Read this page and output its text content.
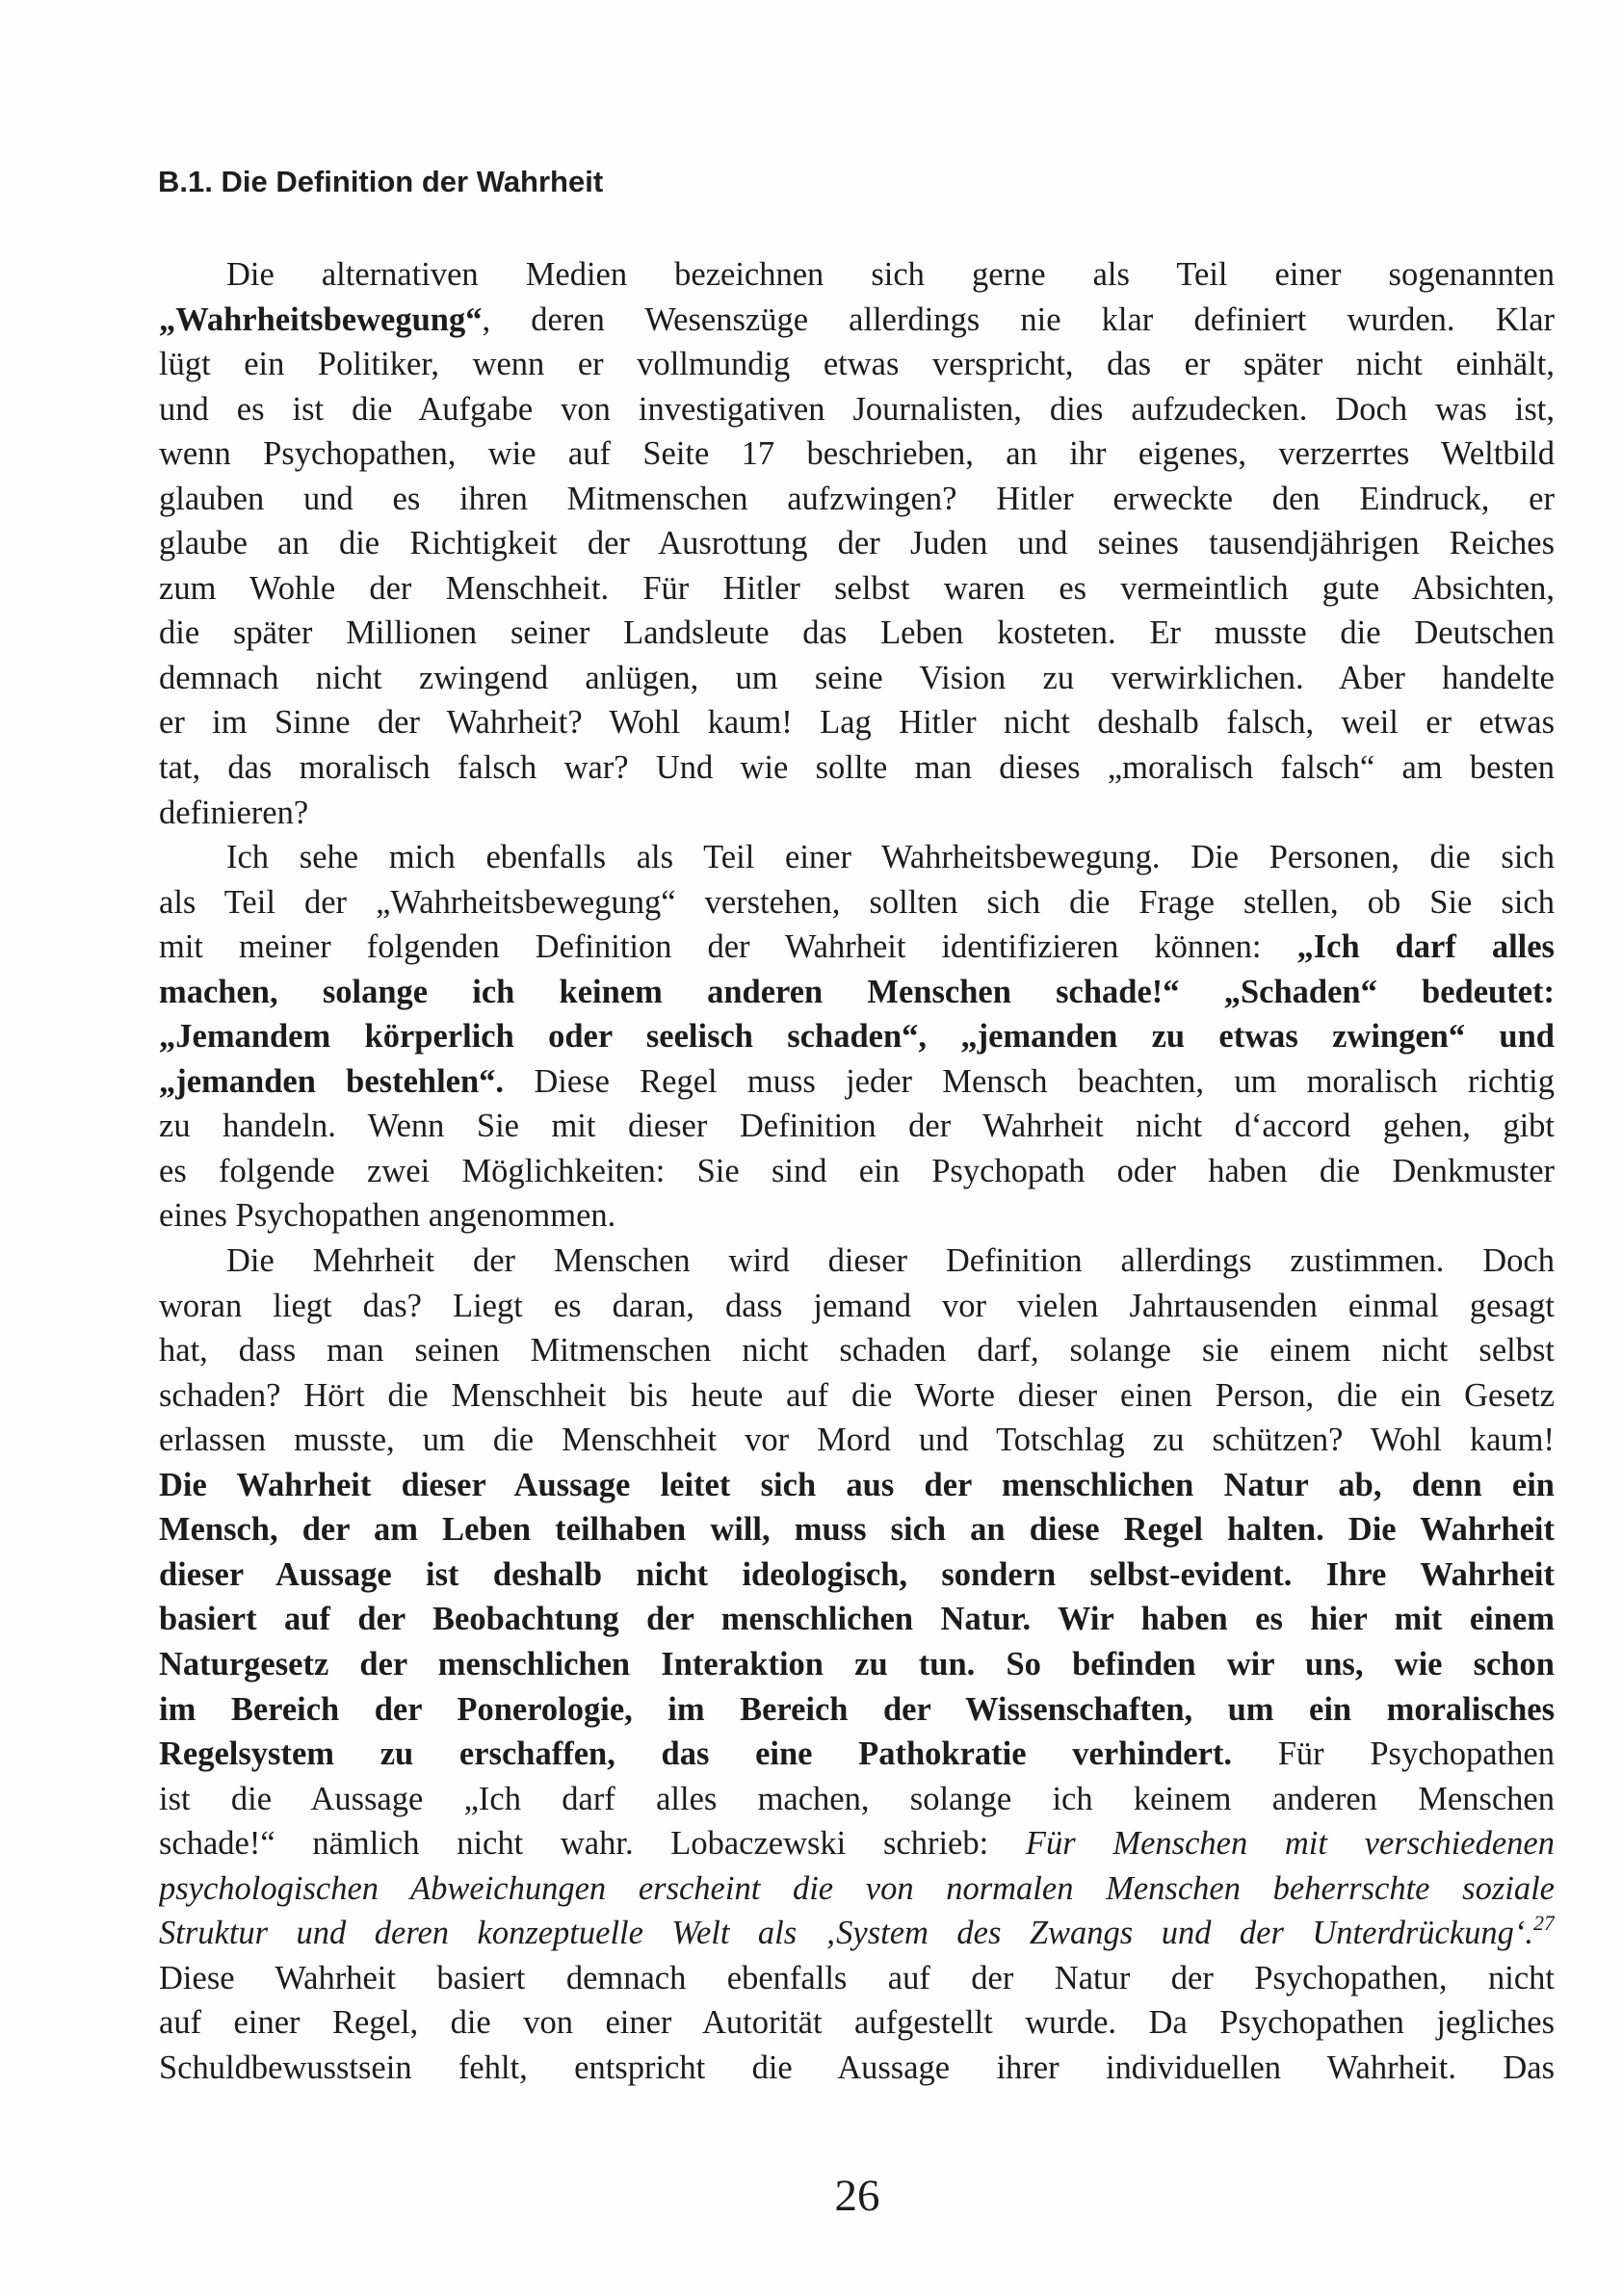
B.1. Die Definition der Wahrheit
Die alternativen Medien bezeichnen sich gerne als Teil einer sogenannten
„Wahrheitsbewegung“, deren Wesenszüge allerdings nie klar definiert wurden. Klar
lügt ein Politiker, wenn er vollmundig etwas verspricht, das er später nicht einhält,
und es ist die Aufgabe von investigativen Journalisten, dies aufzudecken. Doch was ist,
wenn Psychopathen, wie auf Seite 17 beschrieben, an ihr eigenes, verzerrtes Weltbild
glauben und es ihren Mitmenschen aufzwingen? Hitler erweckte den Eindruck, er
glaube an die Richtigkeit der Ausrottung der Juden und seines tausendjährigen Reiches
zum Wohle der Menschheit. Für Hitler selbst waren es vermeintlich gute Absichten,
die später Millionen seiner Landsleute das Leben kosteten. Er musste die Deutschen
demnach nicht zwingend anlügen, um seine Vision zu verwirklichen. Aber handelte
er im Sinne der Wahrheit? Wohl kaum! Lag Hitler nicht deshalb falsch, weil er etwas
tat, das moralisch falsch war? Und wie sollte man dieses „moralisch falsch“ am besten
definieren?
Ich sehe mich ebenfalls als Teil einer Wahrheitsbewegung. Die Personen, die sich
als Teil der „Wahrheitsbewegung“ verstehen, sollten sich die Frage stellen, ob Sie sich
mit meiner folgenden Definition der Wahrheit identifizieren können: „Ich darf alles
machen, solange ich keinem anderen Menschen schade!“ „Schaden“ bedeutet:
„Jemandem körperlich oder seelisch schaden“, „jemanden zu etwas zwingen“ und
„jemanden bestehlen“. Diese Regel muss jeder Mensch beachten, um moralisch richtig
zu handeln. Wenn Sie mit dieser Definition der Wahrheit nicht d‘accord gehen, gibt
es folgende zwei Möglichkeiten: Sie sind ein Psychopath oder haben die Denkmuster
eines Psychopathen angenommen.
Die Mehrheit der Menschen wird dieser Definition allerdings zustimmen. Doch
woran liegt das? Liegt es daran, dass jemand vor vielen Jahrtausenden einmal gesagt
hat, dass man seinen Mitmenschen nicht schaden darf, solange sie einem nicht selbst
schaden? Hört die Menschheit bis heute auf die Worte dieser einen Person, die ein Gesetz
erlassen musste, um die Menschheit vor Mord und Totschlag zu schützen? Wohl kaum!
Die Wahrheit dieser Aussage leitet sich aus der menschlichen Natur ab, denn ein
Mensch, der am Leben teilhaben will, muss sich an diese Regel halten. Die Wahrheit
dieser Aussage ist deshalb nicht ideologisch, sondern selbst-evident. Ihre Wahrheit
basiert auf der Beobachtung der menschlichen Natur. Wir haben es hier mit einem
Naturgesetz der menschlichen Interaktion zu tun. So befinden wir uns, wie schon
im Bereich der Ponerologie, im Bereich der Wissenschaften, um ein moralisches
Regelsystem zu erschaffen, das eine Pathokratie verhindert. Für Psychopathen
ist die Aussage „Ich darf alles machen, solange ich keinem anderen Menschen
schade!“ nämlich nicht wahr. Lobaczewski schrieb: Für Menschen mit verschiedenen
psychologischen Abweichungen erscheint die von normalen Menschen beherrschte soziale
Struktur und deren konzeptuelle Welt als ‚System des Zwangs und der Unterdrückung‘.$^{27}$
Diese Wahrheit basiert demnach ebenfalls auf der Natur der Psychopathen, nicht
auf einer Regel, die von einer Autorität aufgestellt wurde. Da Psychopathen jegliches
Schuldbewusstsein fehlt, entspricht die Aussage ihrer individuellen Wahrheit. Das
26
